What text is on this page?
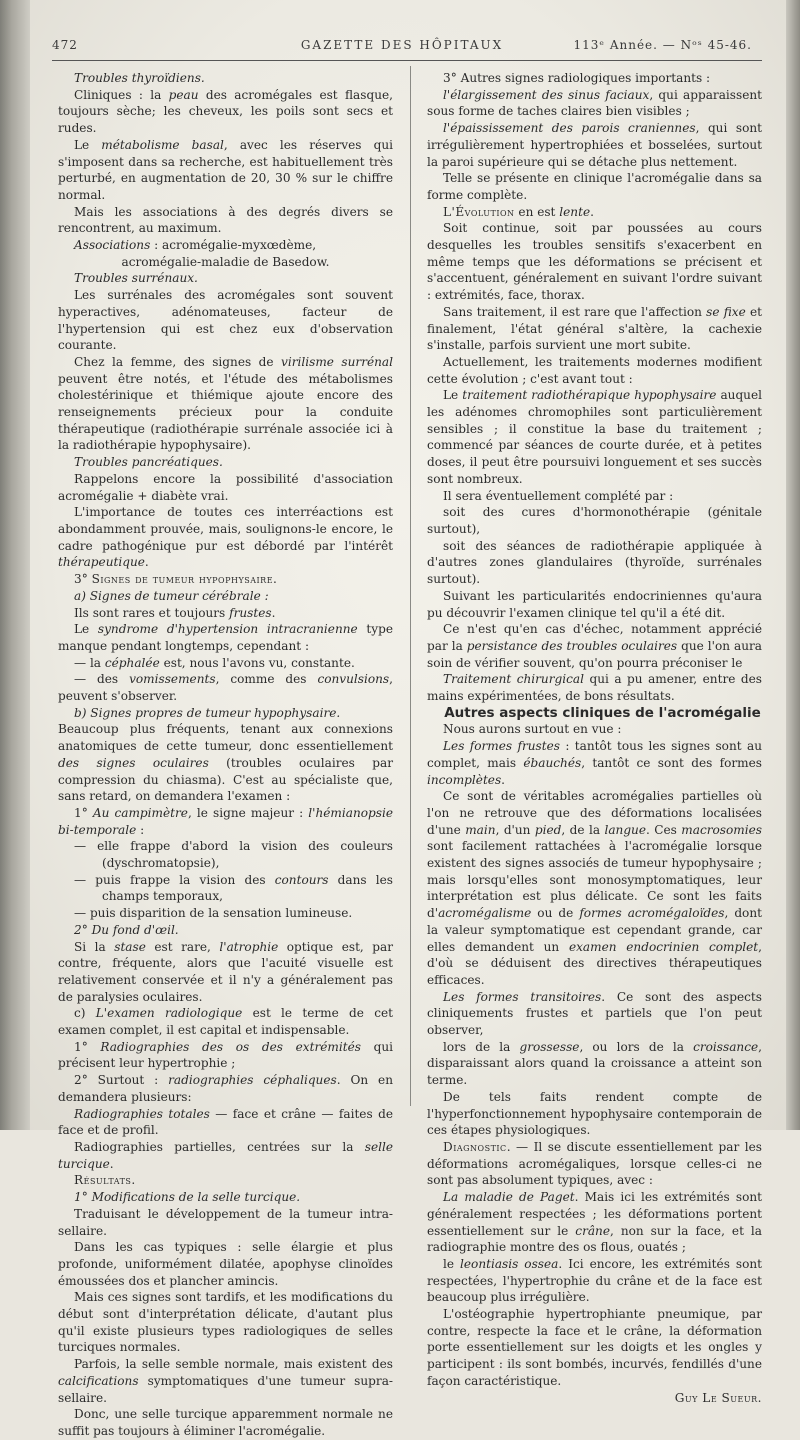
472	GAZETTE DES HÔPITAUX	113ᵉ Année. — Nᵒˢ 45-46.

Troubles thyroïdiens.

Cliniques : la peau des acromégales est flasque, toujours sèche; les cheveux, les poils sont secs et rudes.

Le métabolisme basal, avec les réserves qui s'imposent dans sa recherche, est habituellement très perturbé, en augmentation de 20, 30 % sur le chiffre normal.

Mais les associations à des degrés divers se rencontrent, au maximum.

Associations : acromégalie-myxœdème,

acromégalie-maladie de Basedow.

Troubles surrénaux.

Les surrénales des acromégales sont souvent hyperactives, adénomateuses, facteur de l'hypertension qui est chez eux d'observation courante.

Chez la femme, des signes de virilisme surrénal peuvent être notés, et l'étude des métabolismes cholestérinique et thiémique ajoute encore des renseignements précieux pour la conduite thérapeutique (radiothérapie surrénale associée ici à la radiothérapie hypophysaire).

Troubles pancréatiques.

Rappelons encore la possibilité d'association acromégalie + diabète vrai.

L'importance de toutes ces interréactions est abondamment prouvée, mais, soulignons-le encore, le cadre pathogénique pur est débordé par l'intérêt thérapeutique.

3° Signes de tumeur hypophysaire.

a) Signes de tumeur cérébrale :

Ils sont rares et toujours frustes.

Le syndrome d'hypertension intracranienne type manque pendant longtemps, cependant :

— la céphalée est, nous l'avons vu, constante.

— des vomissements, comme des convulsions, peuvent s'observer.

b) Signes propres de tumeur hypophysaire.

Beaucoup plus fréquents, tenant aux connexions anatomiques de cette tumeur, donc essentiellement des signes oculaires (troubles oculaires par compression du chiasma). C'est au spécialiste que, sans retard, on demandera l'examen :

1° Au campimètre, le signe majeur : l'hémianopsie bi-temporale :

— elle frappe d'abord la vision des couleurs (dyschromatopsie),

— puis frappe la vision des contours dans les champs temporaux,

— puis disparition de la sensation lumineuse.

2° Du fond d'œil.

Si la stase est rare, l'atrophie optique est, par contre, fréquente, alors que l'acuité visuelle est relativement conservée et il n'y a généralement pas de paralysies oculaires.

c) L'examen radiologique est le terme de cet examen complet, il est capital et indispensable.

1° Radiographies des os des extrémités qui précisent leur hypertrophie ;

2° Surtout : radiographies céphaliques. On en demandera plusieurs:

Radiographies totales — face et crâne — faites de face et de profil.

Radiographies partielles, centrées sur la selle turcique.

Résultats.

1° Modifications de la selle turcique.

Traduisant le développement de la tumeur intra-sellaire.

Dans les cas typiques : selle élargie et plus profonde, uniformément dilatée, apophyse clinoïdes émoussées dos et plancher amincis.

Mais ces signes sont tardifs, et les modifications du début sont d'interprétation délicate, d'autant plus qu'il existe plusieurs types radiologiques de selles turciques normales.

Parfois, la selle semble normale, mais existent des calcifications symptomatiques d'une tumeur supra-sellaire.

Donc, une selle turcique apparemment normale ne suffit pas toujours à éliminer l'acromégalie.

3° Autres signes radiologiques importants :

l'élargissement des sinus faciaux, qui apparaissent sous forme de taches claires bien visibles ;

l'épaississement des parois craniennes, qui sont irrégulièrement hypertrophiées et bosselées, surtout la paroi supérieure qui se détache plus nettement.

Telle se présente en clinique l'acromégalie dans sa forme complète.

L'Évolution en est lente.

Soit continue, soit par poussées au cours desquelles les troubles sensitifs s'exacerbent en même temps que les déformations se précisent et s'accentuent, généralement en suivant l'ordre suivant : extrémités, face, thorax.

Sans traitement, il est rare que l'affection se fixe et finalement, l'état général s'altère, la cachexie s'installe, parfois survient une mort subite.

Actuellement, les traitements modernes modifient cette évolution ; c'est avant tout :

Le traitement radiothérapique hypophysaire auquel les adénomes chromophiles sont particulièrement sensibles ; il constitue la base du traitement ; commencé par séances de courte durée, et à petites doses, il peut être poursuivi longuement et ses succès sont nombreux.

Il sera éventuellement complété par :

soit des cures d'hormonothérapie (génitale surtout),

soit des séances de radiothérapie appliquée à d'autres zones glandulaires (thyroïde, surrénales surtout).

Suivant les particularités endocriniennes qu'aura pu découvrir l'examen clinique tel qu'il a été dit.

Ce n'est qu'en cas d'échec, notamment apprécié par la persistance des troubles oculaires que l'on aura soin de vérifier souvent, qu'on pourra préconiser le

Traitement chirurgical qui a pu amener, entre des mains expérimentées, de bons résultats.

Autres aspects cliniques de l'acromégalie

Nous aurons surtout en vue :

Les formes frustes : tantôt tous les signes sont au complet, mais ébauchés, tantôt ce sont des formes incomplètes.

Ce sont de véritables acromégalies partielles où l'on ne retrouve que des déformations localisées d'une main, d'un pied, de la langue. Ces macrosomies sont facilement rattachées à l'acromégalie lorsque existent des signes associés de tumeur hypophysaire ; mais lorsqu'elles sont monosymptomatiques, leur interprétation est plus délicate. Ce sont les faits d'acromégalisme ou de formes acromégaloïdes, dont la valeur symptomatique est cependant grande, car elles demandent un examen endocrinien complet, d'où se déduisent des directives thérapeutiques efficaces.

Les formes transitoires. Ce sont des aspects cliniquements frustes et partiels que l'on peut observer,

lors de la grossesse, ou lors de la croissance, disparaissant alors quand la croissance a atteint son terme.

De tels faits rendent compte de l'hyperfonctionnement hypophysaire contemporain de ces étapes physiologiques.

Diagnostic. — Il se discute essentiellement par les déformations acromégaliques, lorsque celles-ci ne sont pas absolument typiques, avec :

La maladie de Paget. Mais ici les extrémités sont généralement respectées ; les déformations portent essentiellement sur le crâne, non sur la face, et la radiographie montre des os flous, ouatés ;

le leontiasis ossea. Ici encore, les extrémités sont respectées, l'hypertrophie du crâne et de la face est beaucoup plus irrégulière.

L'ostéographie hypertrophiante pneumique, par contre, respecte la face et le crâne, la déformation porte essentiellement sur les doigts et les ongles y participent : ils sont bombés, incurvés, fendillés d'une façon caractéristique.

Guy Le Sueur.
